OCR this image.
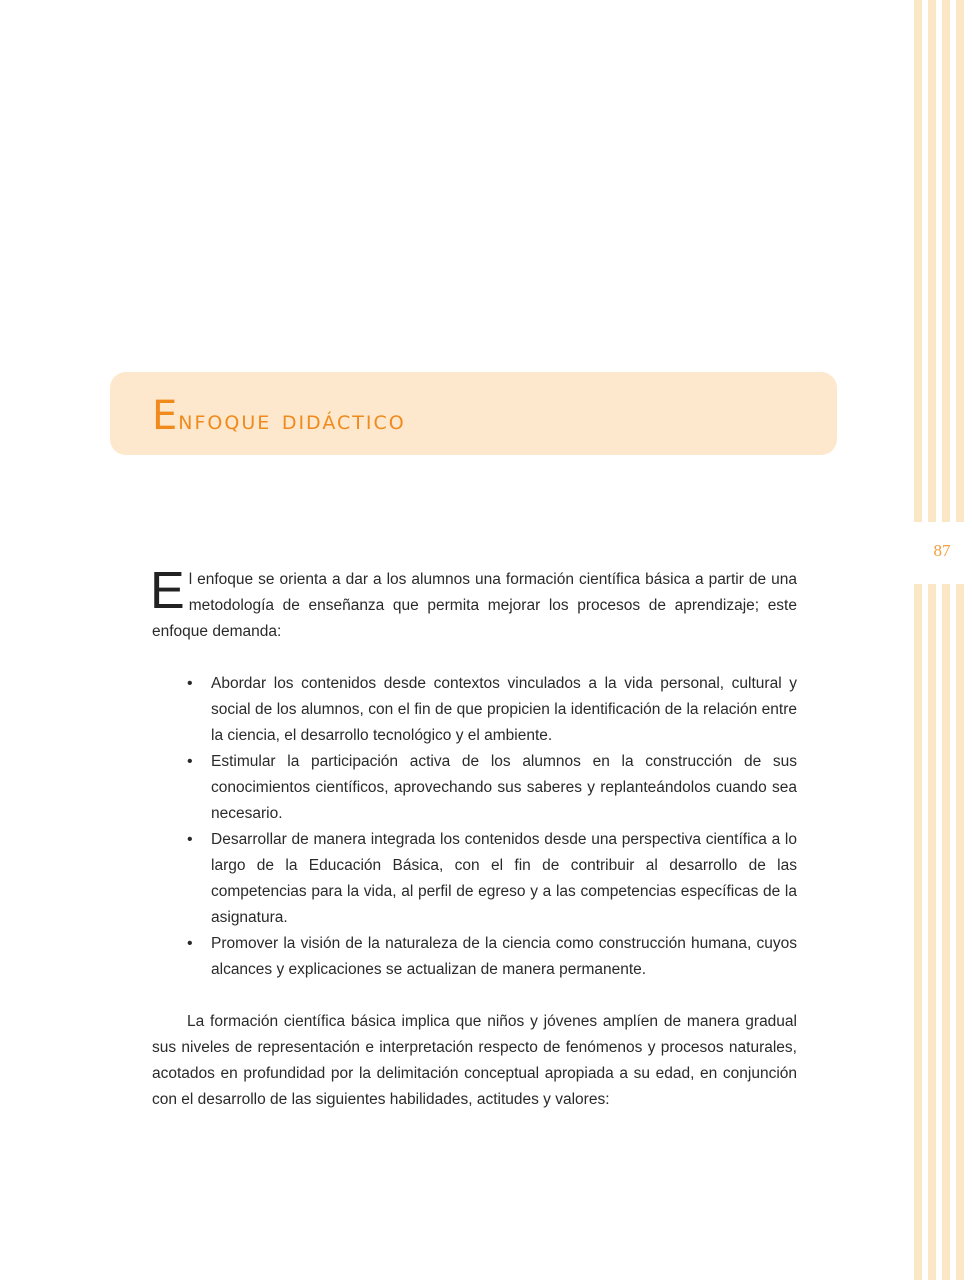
87
Enfoque didáctico

El enfoque se orienta a dar a los alumnos una formación científica básica a partir de una metodología de enseñanza que permita mejorar los procesos de aprendizaje; este enfoque demanda:

• Abordar los contenidos desde contextos vinculados a la vida personal, cultural y social de los alumnos, con el fin de que propicien la identificación de la relación entre la ciencia, el desarrollo tecnológico y el ambiente.
• Estimular la participación activa de los alumnos en la construcción de sus conocimientos científicos, aprovechando sus saberes y replanteándolos cuando sea necesario.
• Desarrollar de manera integrada los contenidos desde una perspectiva científica a lo largo de la Educación Básica, con el fin de contribuir al desarrollo de las competencias para la vida, al perfil de egreso y a las competencias específicas de la asignatura.
• Promover la visión de la naturaleza de la ciencia como construcción humana, cuyos alcances y explicaciones se actualizan de manera permanente.

La formación científica básica implica que niños y jóvenes amplíen de manera gradual sus niveles de representación e interpretación respecto de fenómenos y procesos naturales, acotados en profundidad por la delimitación conceptual apropiada a su edad, en conjunción con el desarrollo de las siguientes habilidades, actitudes y valores:
